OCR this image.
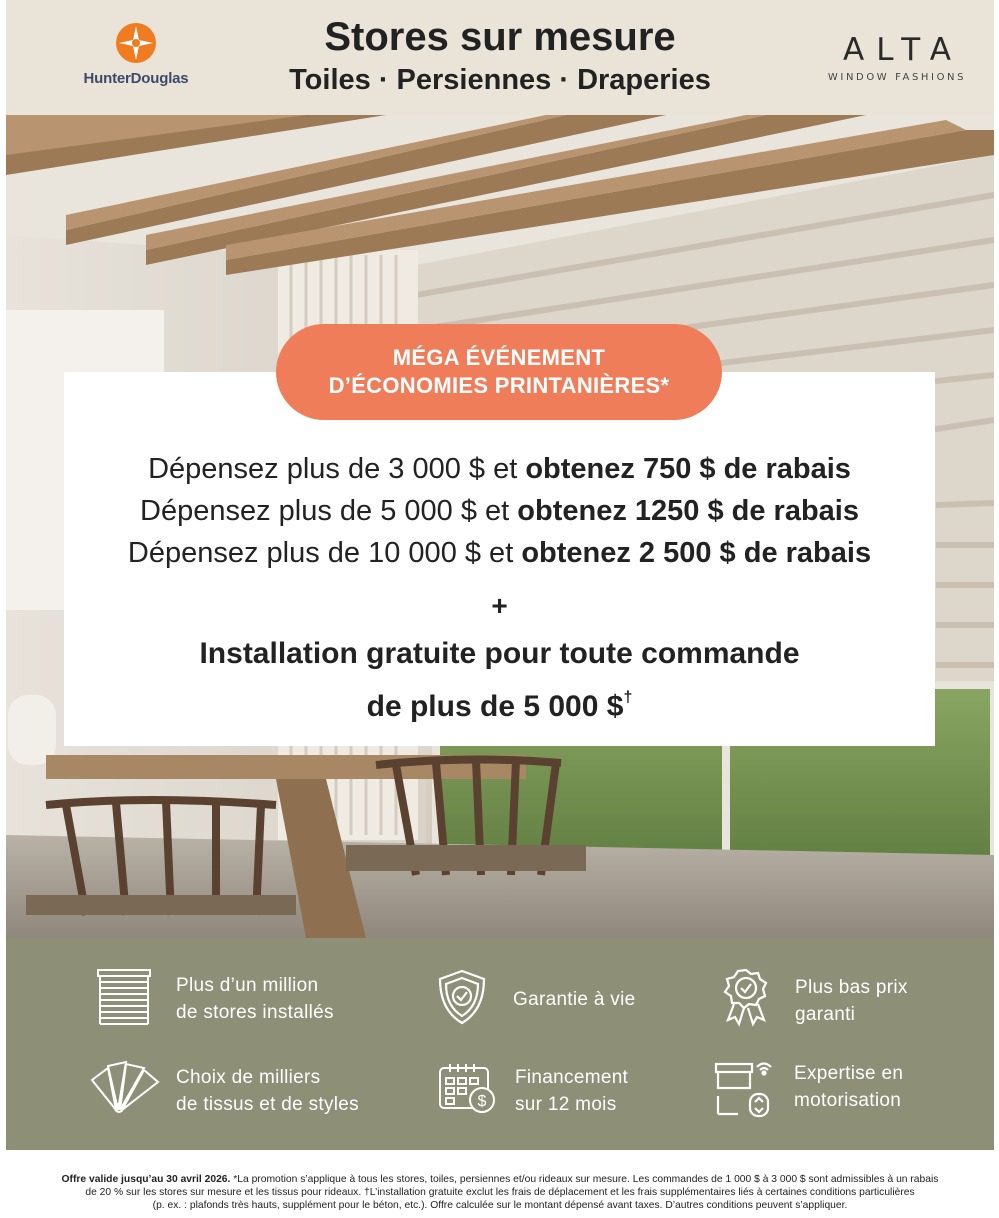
HunterDouglas
Stores sur mesure
Toiles · Persiennes · Draperies
ALTA
WINDOW FASHIONS
MÉGA ÉVÉNEMENT
D’ÉCONOMIES PRINTANIÈRES*
Dépensez plus de 3 000 $ et obtenez 750 $ de rabais
Dépensez plus de 5 000 $ et obtenez 1250 $ de rabais
Dépensez plus de 10 000 $ et obtenez 2 500 $ de rabais
+
Installation gratuite pour toute commande
de plus de 5 000 $†
Plus d’un million
de stores installés
Garantie à vie
Plus bas prix
garanti
Choix de milliers
de tissus et de styles	$
Financement
sur 12 mois
Expertise en
motorisation
Offre valide jusqu’au 30 avril 2026. *La promotion s’applique à tous les stores, toiles, persiennes et/ou rideaux sur mesure. Les commandes de 1 000 $ à 3 000 $ sont admissibles à un rabais
de 20 % sur les stores sur mesure et les tissus pour rideaux. †L’installation gratuite exclut les frais de déplacement et les frais supplémentaires liés à certaines conditions particulières
(p. ex. : plafonds très hauts, supplément pour le béton, etc.). Offre calculée sur le montant dépensé avant taxes. D’autres conditions peuvent s’appliquer.
